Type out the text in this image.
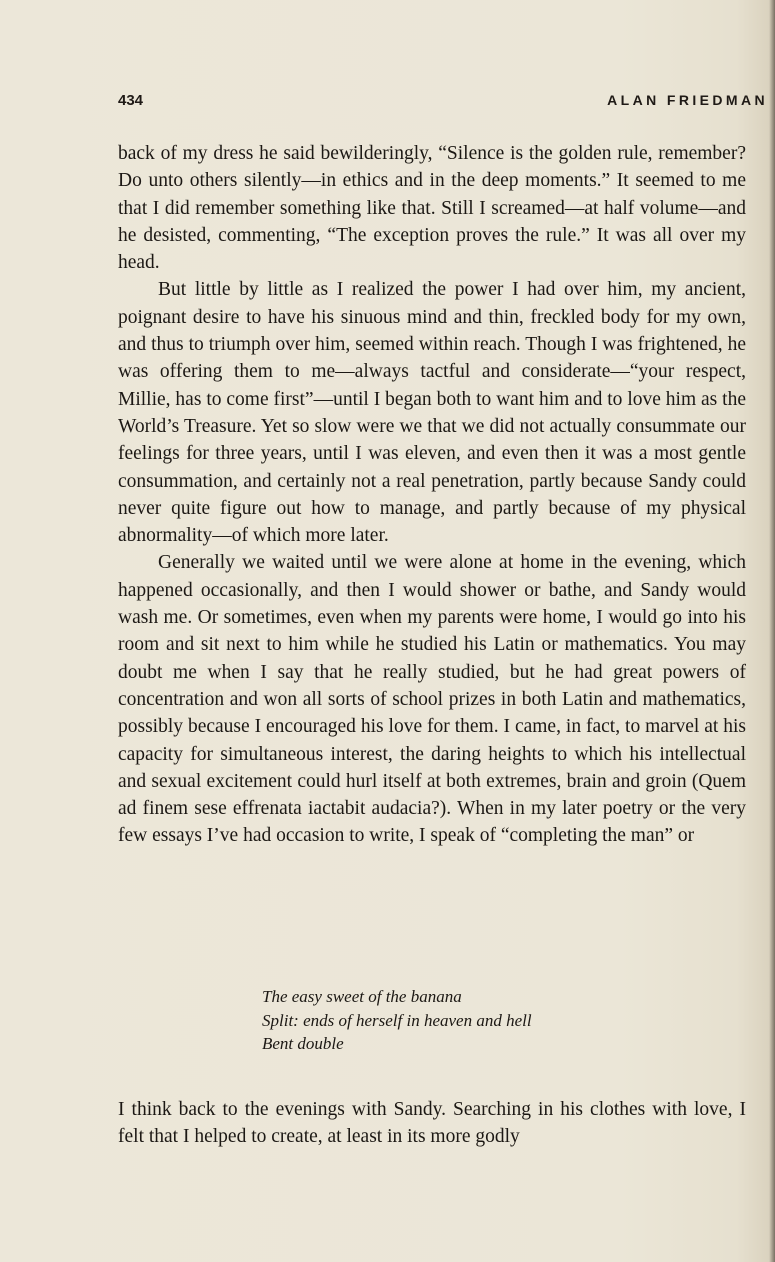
434	ALAN FRIEDMAN

back of my dress he said bewilderingly, “Silence is the golden rule, remember? Do unto others silently—in ethics and in the deep moments.” It seemed to me that I did remember something like that. Still I screamed—at half volume—and he desisted, commenting, “The exception proves the rule.” It was all over my head.

But little by little as I realized the power I had over him, my ancient, poignant desire to have his sinuous mind and thin, freckled body for my own, and thus to triumph over him, seemed within reach. Though I was frightened, he was offering them to me—always tactful and considerate—“your respect, Millie, has to come first”—until I began both to want him and to love him as the World’s Treasure. Yet so slow were we that we did not actually consummate our feelings for three years, until I was eleven, and even then it was a most gentle consummation, and certainly not a real penetration, partly because Sandy could never quite figure out how to manage, and partly because of my physical abnormality—of which more later.

Generally we waited until we were alone at home in the evening, which happened occasionally, and then I would shower or bathe, and Sandy would wash me. Or sometimes, even when my parents were home, I would go into his room and sit next to him while he studied his Latin or mathematics. You may doubt me when I say that he really studied, but he had great powers of concentration and won all sorts of school prizes in both Latin and mathematics, possibly because I encouraged his love for them. I came, in fact, to marvel at his capacity for simultaneous interest, the daring heights to which his intellectual and sexual excitement could hurl itself at both extremes, brain and groin (Quem ad finem sese effrenata iactabit audacia?). When in my later poetry or the very few essays I’ve had occasion to write, I speak of “completing the man” or

The easy sweet of the banana
Split: ends of herself in heaven and hell
Bent double

I think back to the evenings with Sandy. Searching in his clothes with love, I felt that I helped to create, at least in its more godly
